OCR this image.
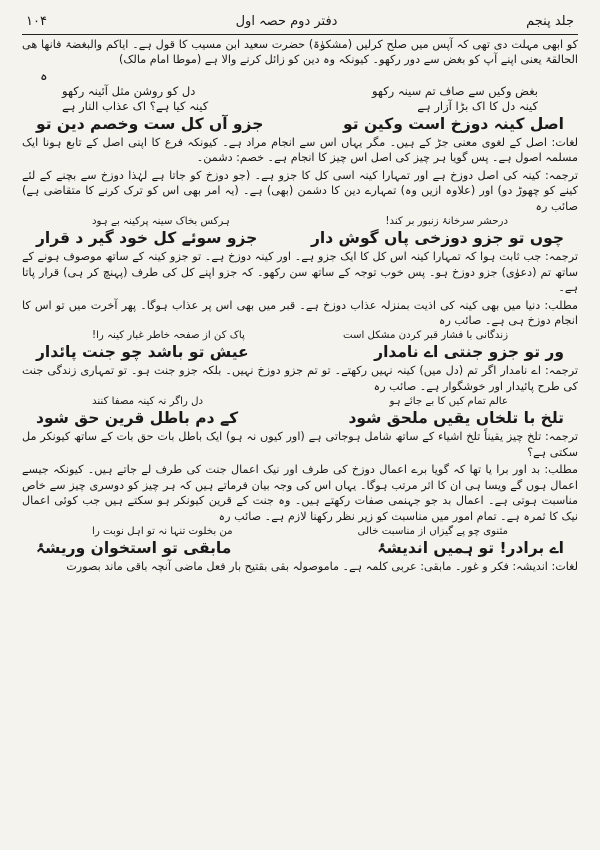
جلد پنجم
دفتر دوم حصہ اول
۱۰۴

کو ابھی مہلت دی تھی کہ آپس میں صلح کرلیں (مشکوٰۃ) حضرت سعید ابن مسیب کا قول ہے۔ ایاکم والبغضۃ فانھا ھی الحالقۃ یعنی اپنے آپ کو بغض سے دور رکھو۔ کیونکہ وہ دین کو زائل کرنے والا ہے (موطا امام مالک)

ہ
بغض وکیں سے صاف تم سینہ رکھو
دل کو روشن مثل آئینہ رکھو
کینہ دل کا اک بڑا آزار ہے
کینہ کیا ہے؟ اک عذاب النار ہے
اصل کینہ دوزخ است وکین تو
جزو آں کل ست وخصم دین تو

لغات: اصل کے لغوی معنی جڑ کے ہیں۔ مگر یہاں اس سے انجام مراد ہے۔ کیونکہ فرع کا اپنی اصل کے تابع ہونا ایک مسلمہ اصول ہے۔ پس گویا ہر چیز کی اصل اس چیز کا انجام ہے۔ خصم: دشمن۔

ترجمہ: کینہ کی اصل دوزخ ہے اور تمہارا کینہ اسی کل کا جزو ہے۔ (جو دوزخ کو جاتا ہے لہٰذا دوزخ سے بچنے کے لئے کینے کو چھوڑ دو) اور (علاوہ ازیں وہ) تمہارے دین کا دشمن (بھی) ہے۔ (یہ امر بھی اس کو ترک کرنے کا متقاضی ہے) صائب رہ

درحشر سرخانۂ زنبور بر کند!
ہرکس بخاک سینہ پرکینہ بے ہود
چوں تو جزو دوزخی پاں گوش دار
جزو سوئے کل خود گیر د قرار

ترجمہ: جب ثابت ہوا کہ تمہارا کینہ اس کل کا ایک جزو ہے۔ اور کینہ دوزخ ہے۔ تو جزو کینہ کے ساتھ موصوف ہونے کے ساتھ تم (دعوٰی) جزو دوزخ ہو۔ پس خوب توجہ کے ساتھ سن رکھو۔ کہ جزو اپنے کل کی طرف (پہنچ کر ہی) قرار پاتا ہے۔

مطلب: دنیا میں بھی کینہ کی اذیت بمنزلہ عذاب دوزخ ہے۔ قبر میں بھی اس پر عذاب ہوگا۔ پھر آخرت میں تو اس کا انجام دوزخ ہی ہے۔ صائب رہ

زندگانی با فشار قبر کردن مشکل است
پاک کن از صفحہ خاطر غبار کینہ را!
ور تو جزو جنتی اے نامدار
عیش تو باشد چو جنت پائدار

ترجمہ: اے نامدار اگر تم (دل میں) کینہ نہیں رکھتے۔ تو تم جزو دوزخ نہیں۔ بلکہ جزو جنت ہو۔ تو تمہاری زندگی جنت کی طرح پائیدار اور خوشگوار ہے۔ صائب رہ

عالم تمام کیں کا بے جائے ہو
دل راگر نہ کینہ مصفا کنند
تلخ با تلخاں یقیں ملحق شود
کے دم باطل قرین حق شود

ترجمہ: تلخ چیز یقیناً تلخ اشیاء کے ساتھ شامل ہوجاتی ہے (اور کیوں نہ ہو) ایک باطل بات حق بات کے ساتھ کیونکر مل سکتی ہے؟

مطلب: بد اور برا یا تھا کہ گویا برے اعمال دوزخ کی طرف اور نیک اعمال جنت کی طرف لے جاتے ہیں۔ کیونکہ جیسے اعمال ہوں گے ویسا ہی ان کا اثر مرتب ہوگا۔ یہاں اس کی وجہ بیان فرماتے ہیں کہ ہر چیز کو دوسری چیز سے خاص مناسبت ہوتی ہے۔ اعمال بد جو جہنمی صفات رکھتے ہیں۔ وہ جنت کے قرین کیونکر ہو سکتے ہیں جب کوئی اعمال نیک کا ثمرہ ہے۔ تمام امور میں مناسبت کو زیر نظر رکھنا لازم ہے۔ صائب رہ

مثنوی چو پے گیزاں از مناسبت خالی
من بخلوت تنہا نہ تو اہل نوبت را
اے برادر! تو ہمیں اندیشۂ
مابقی تو استخوان وریشۂ

لغات: اندیشہ: فکر و غور۔ مابقی: عربی کلمہ ہے۔ ماموصولہ بقی بقتیح بار فعل ماضی آنچہ باقی ماند بصورت
